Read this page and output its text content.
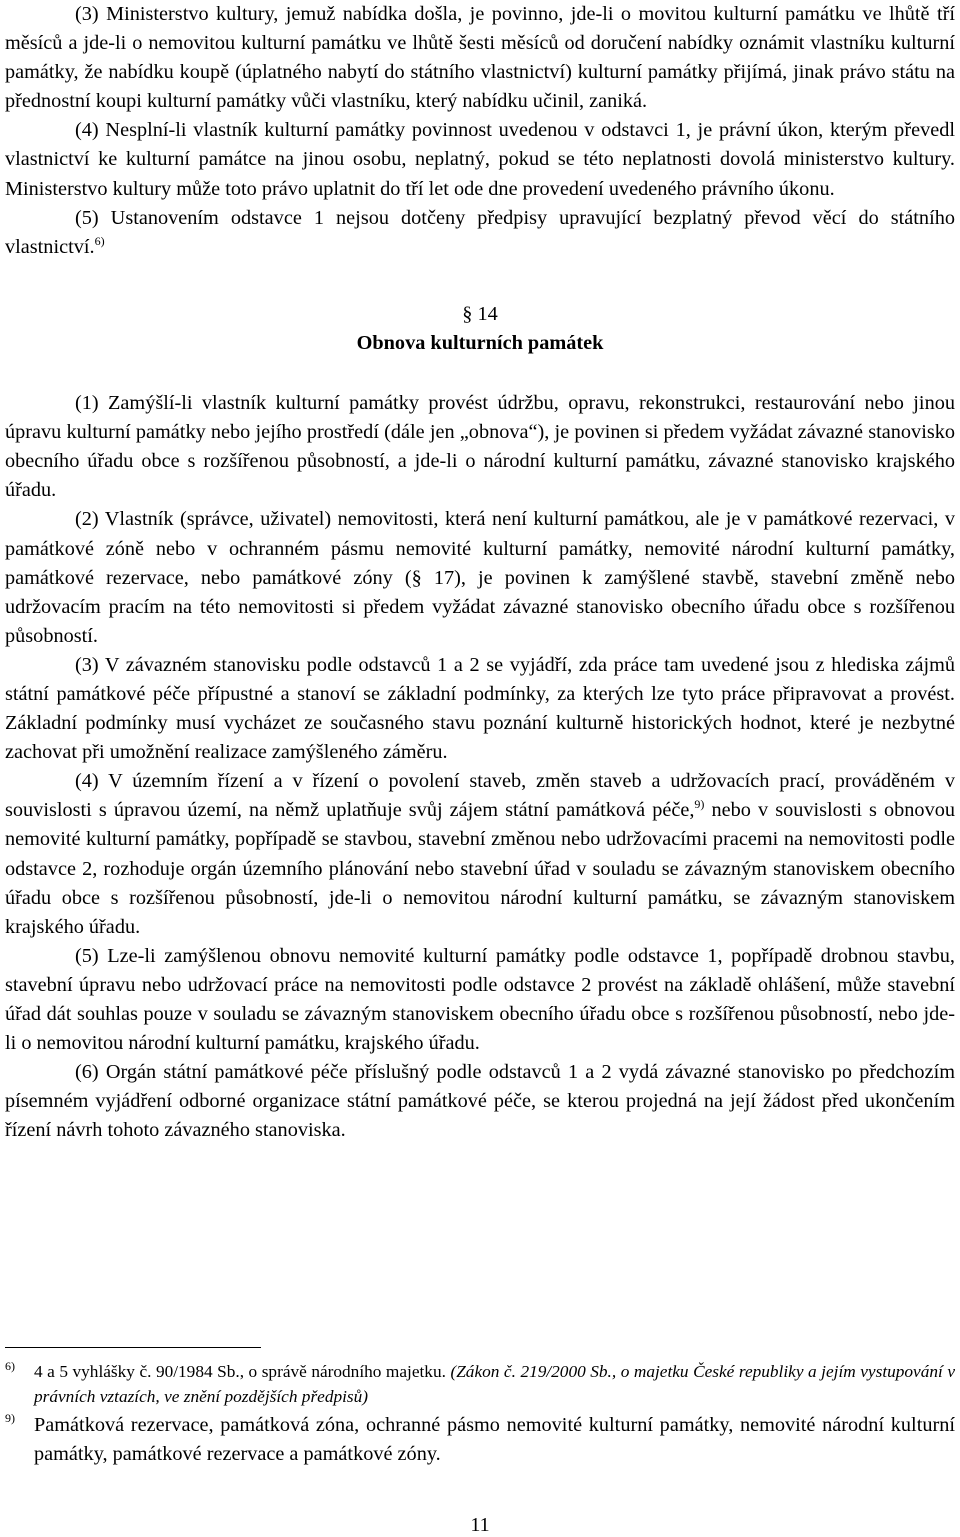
(3) Ministerstvo kultury, jemuž nabídka došla, je povinno, jde-li o movitou kulturní památku ve lhůtě tří měsíců a jde-li o nemovitou kulturní památku ve lhůtě šesti měsíců od doručení nabídky oznámit vlastníku kulturní památky, že nabídku koupě (úplatného nabytí do státního vlastnictví) kulturní památky přijímá, jinak právo státu na přednostní koupi kulturní památky vůči vlastníku, který nabídku učinil, zaniká.

(4) Nesplní-li vlastník kulturní památky povinnost uvedenou v odstavci 1, je právní úkon, kterým převedl vlastnictví ke kulturní památce na jinou osobu, neplatný, pokud se této neplatnosti dovolá ministerstvo kultury. Ministerstvo kultury může toto právo uplatnit do tří let ode dne provedení uvedeného právního úkonu.

(5) Ustanovením odstavce 1 nejsou dotčeny předpisy upravující bezplatný převod věcí do státního vlastnictví.$^{6)}$

§ 14
Obnova kulturních památek

(1) Zamýšlí-li vlastník kulturní památky provést údržbu, opravu, rekonstrukci, restaurování nebo jinou úpravu kulturní památky nebo jejího prostředí (dále jen „obnova“), je povinen si předem vyžádat závazné stanovisko obecního úřadu obce s rozšířenou působností, a jde-li o národní kulturní památku, závazné stanovisko krajského úřadu.

(2) Vlastník (správce, uživatel) nemovitosti, která není kulturní památkou, ale je v památkové rezervaci, v památkové zóně nebo v ochranném pásmu nemovité kulturní památky, nemovité národní kulturní památky, památkové rezervace, nebo památkové zóny (§ 17), je povinen k zamýšlené stavbě, stavební změně nebo udržovacím pracím na této nemovitosti si předem vyžádat závazné stanovisko obecního úřadu obce s rozšířenou působností.

(3) V závazném stanovisku podle odstavců 1 a 2 se vyjádří, zda práce tam uvedené jsou z hlediska zájmů státní památkové péče přípustné a stanoví se základní podmínky, za kterých lze tyto práce připravovat a provést. Základní podmínky musí vycházet ze současného stavu poznání kulturně historických hodnot, které je nezbytné zachovat při umožnění realizace zamýšleného záměru.

(4) V územním řízení a v řízení o povolení staveb, změn staveb a udržovacích prací, prováděném v souvislosti s úpravou území, na němž uplatňuje svůj zájem státní památková péče,$^{9)}$ nebo v souvislosti s obnovou nemovité kulturní památky, popřípadě se stavbou, stavební změnou nebo udržovacími pracemi na nemovitosti podle odstavce 2, rozhoduje orgán územního plánování nebo stavební úřad v souladu se závazným stanoviskem obecního úřadu obce s rozšířenou působností, jde-li o nemovitou národní kulturní památku, se závazným stanoviskem krajského úřadu.

(5) Lze-li zamýšlenou obnovu nemovité kulturní památky podle odstavce 1, popřípadě drobnou stavbu, stavební úpravu nebo udržovací práce na nemovitosti podle odstavce 2 provést na základě ohlášení, může stavební úřad dát souhlas pouze v souladu se závazným stanoviskem obecního úřadu obce s rozšířenou působností, nebo jde-li o nemovitou národní kulturní památku, krajského úřadu.

(6) Orgán státní památkové péče příslušný podle odstavců 1 a 2 vydá závazné stanovisko po předchozím písemném vyjádření odborné organizace státní památkové péče, se kterou projedná na její žádost před ukončením řízení návrh tohoto závazného stanoviska.

6) 4 a 5 vyhlášky č. 90/1984 Sb., o správě národního majetku. (Zákon č. 219/2000 Sb., o majetku České republiky a jejím vystupování v právních vztazích, ve znění pozdějších předpisů)
9) Památková rezervace, památková zóna, ochranné pásmo nemovité kulturní památky, nemovité národní kulturní památky, památkové rezervace a památkové zóny.
11
